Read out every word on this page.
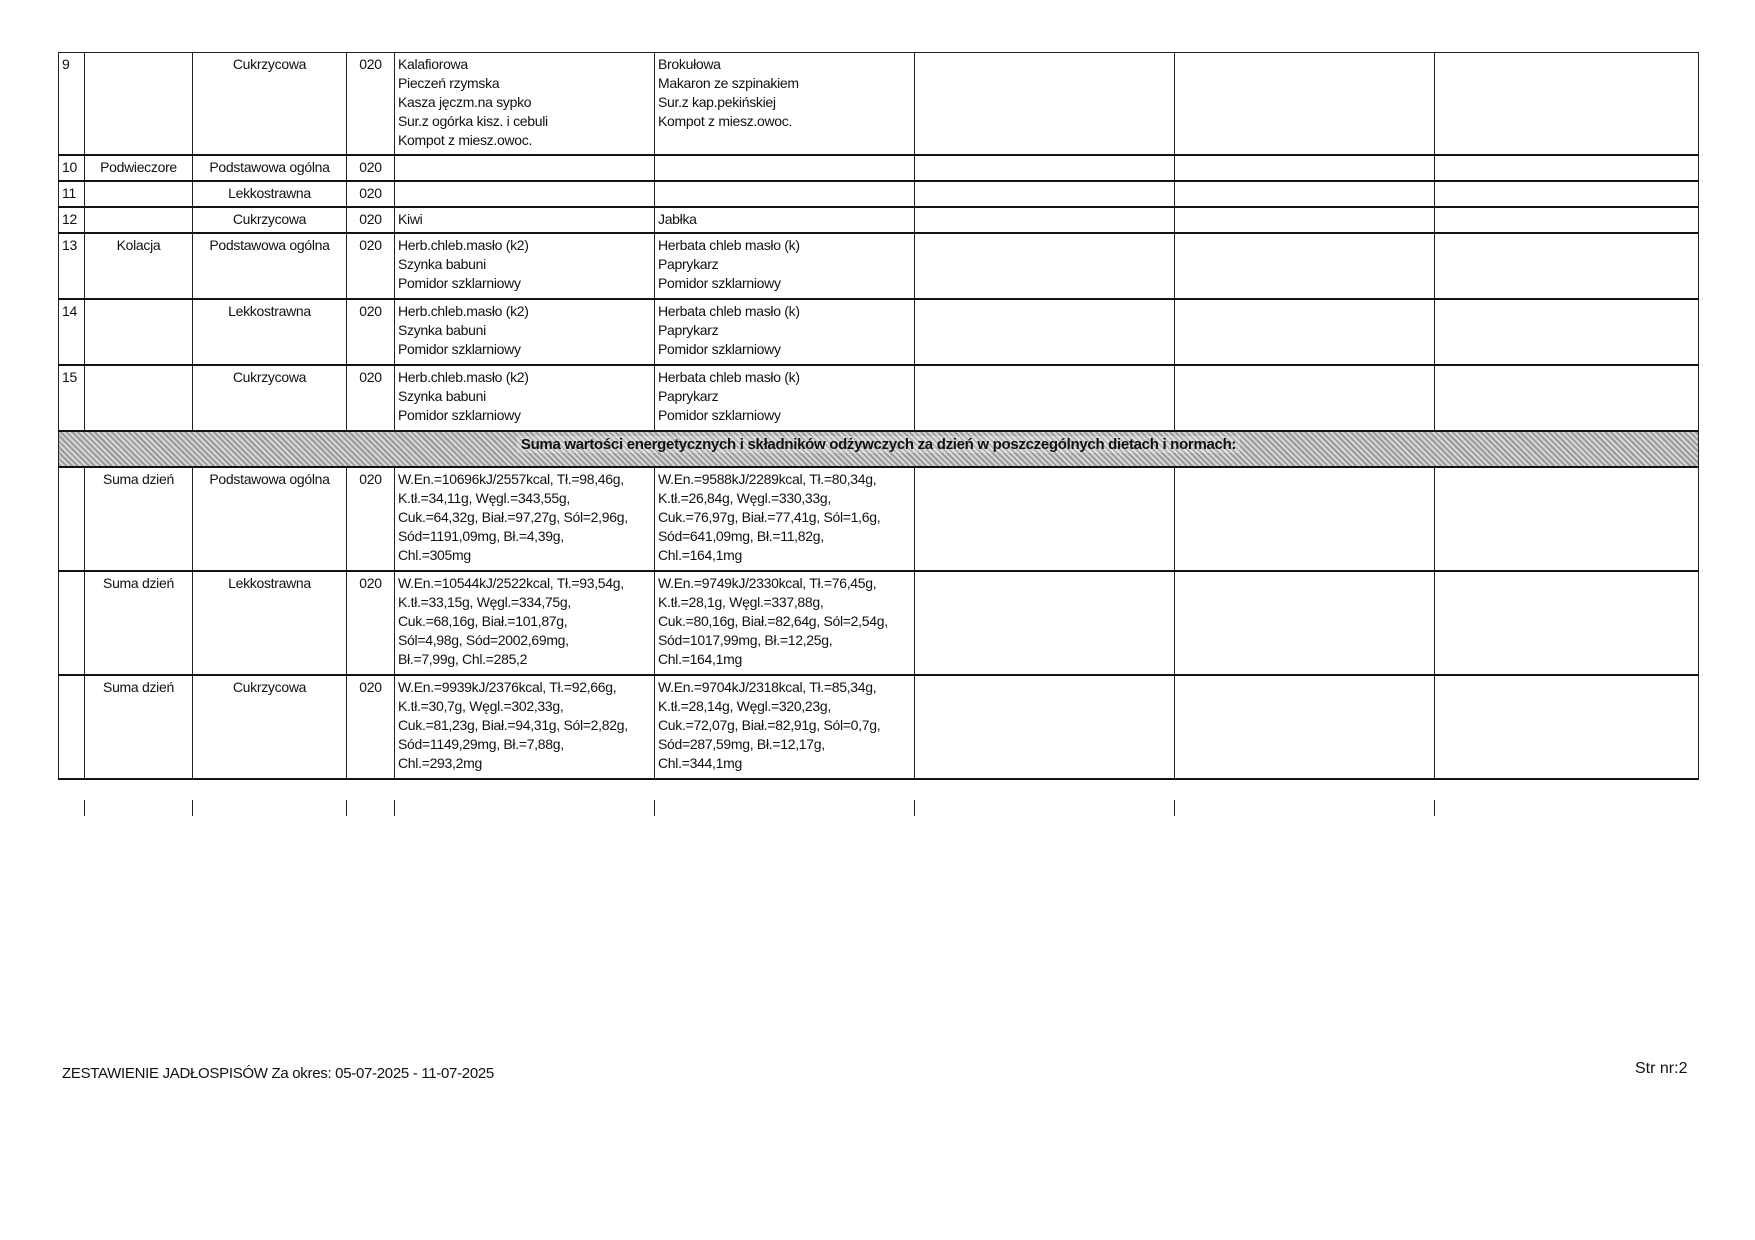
9		Cukrzycowa	020	Kalafiorowa
Pieczeń rzymska
Kasza jęczm.na sypko
Sur.z ogórka kisz. i cebuli
Kompot z miesz.owoc.	Brokułowa
Makaron ze szpinakiem
Sur.z kap.pekińskiej
Kompot z miesz.owoc.			
10	Podwieczore	Podstawowa ogólna	020					
11		Lekkostrawna	020					
12		Cukrzycowa	020	Kiwi	Jabłka			
13	Kolacja	Podstawowa ogólna	020	Herb.chleb.masło (k2)
Szynka babuni
Pomidor szklarniowy	Herbata chleb masło (k)
Paprykarz
Pomidor szklarniowy			
14		Lekkostrawna	020	Herb.chleb.masło (k2)
Szynka babuni
Pomidor szklarniowy	Herbata chleb masło (k)
Paprykarz
Pomidor szklarniowy			
15		Cukrzycowa	020	Herb.chleb.masło (k2)
Szynka babuni
Pomidor szklarniowy	Herbata chleb masło (k)
Paprykarz
Pomidor szklarniowy			
Suma wartości energetycznych i składników odżywczych za dzień w poszczególnych dietach i normach:								
	Suma dzień	Podstawowa ogólna	020	W.En.=10696kJ/2557kcal, Tł.=98,46g,
K.tł.=34,11g, Węgl.=343,55g,
Cuk.=64,32g, Biał.=97,27g, Sól=2,96g,
Sód=1191,09mg, Bł.=4,39g,
Chl.=305mg	W.En.=9588kJ/2289kcal, Tł.=80,34g,
K.tł.=26,84g, Węgl.=330,33g,
Cuk.=76,97g, Biał.=77,41g, Sól=1,6g,
Sód=641,09mg, Bł.=11,82g,
Chl.=164,1mg			
	Suma dzień	Lekkostrawna	020	W.En.=10544kJ/2522kcal, Tł.=93,54g,
K.tł.=33,15g, Węgl.=334,75g,
Cuk.=68,16g, Biał.=101,87g,
Sól=4,98g, Sód=2002,69mg,
Bł.=7,99g, Chl.=285,2	W.En.=9749kJ/2330kcal, Tł.=76,45g,
K.tł.=28,1g, Węgl.=337,88g,
Cuk.=80,16g, Biał.=82,64g, Sól=2,54g,
Sód=1017,99mg, Bł.=12,25g,
Chl.=164,1mg			
	Suma dzień	Cukrzycowa	020	W.En.=9939kJ/2376kcal, Tł.=92,66g,
K.tł.=30,7g, Węgl.=302,33g,
Cuk.=81,23g, Biał.=94,31g, Sól=2,82g,
Sód=1149,29mg, Bł.=7,88g,
Chl.=293,2mg	W.En.=9704kJ/2318kcal, Tł.=85,34g,
K.tł.=28,14g, Węgl.=320,23g,
Cuk.=72,07g, Biał.=82,91g, Sól=0,7g,
Sód=287,59mg, Bł.=12,17g,
Chl.=344,1mg			
ZESTAWIENIE JADŁOSPISÓW Za okres: 05-07-2025 - 11-07-2025	Str nr:2
